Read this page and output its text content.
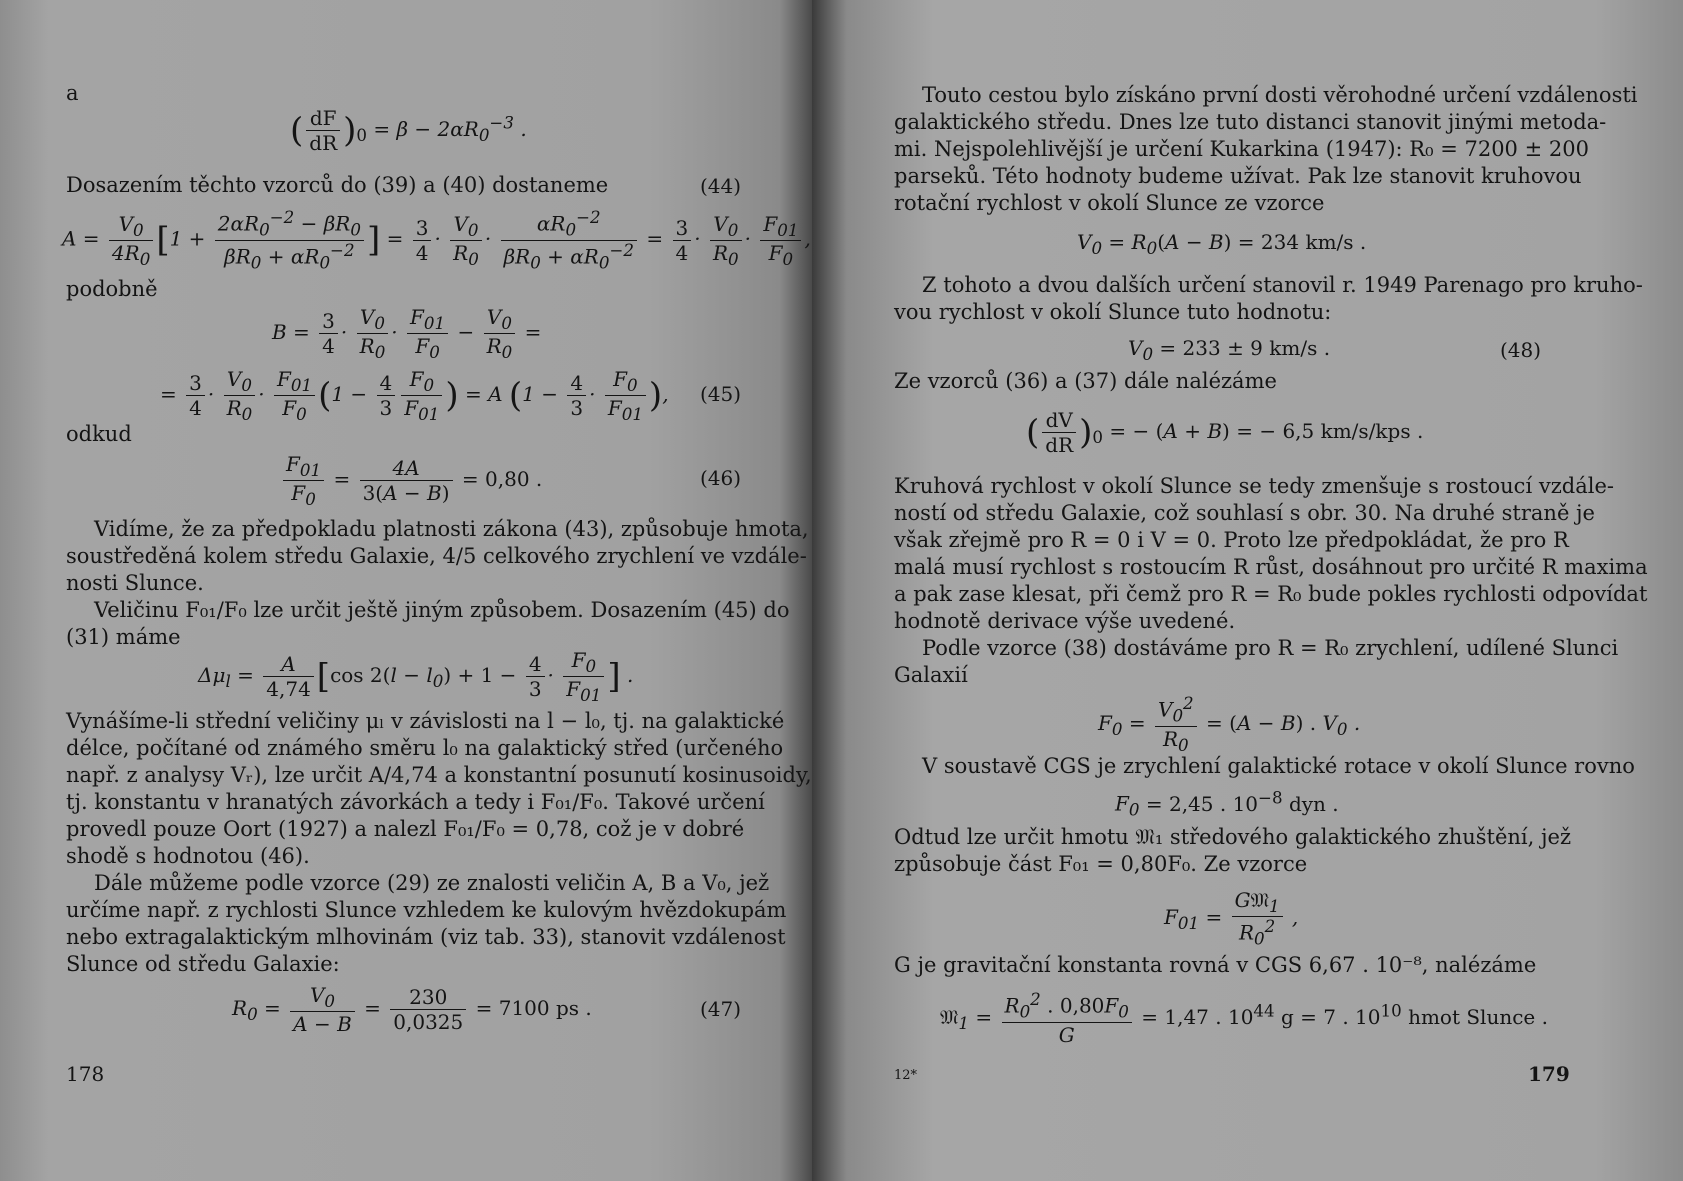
a
( $\frac{dF}{dR} )_0 = \beta - 2\alpha R_0^{-3}$ .
Dosazením těchto vzorců do (39) a (40) dostaneme	(44)
$A = \frac{V_0}{4R_0} [1 + \frac{2\alpha R_0^{-2} - \beta R_0}{\beta R_0 + \alpha R_0^{-2}}$ ] = $\frac{3}{4} \cdot \frac{V_0}{R_0} \cdot \frac{\alpha R_0^{-2}}{\beta R_0 + \alpha R_0^{-2}} = \frac{3}{4} \cdot \frac{V_0}{R_0} \cdot \frac{F_{01}}{F_0}$ ,
podobně
$B = \frac{3}{4} \cdot \frac{V_0}{R_0} \cdot \frac{F_{01}}{F_0} - \frac{V_0}{R_0}$ =
= $\frac{3}{4} \cdot \frac{V_0}{R_0} \cdot \frac{F_{01}}{F_0} (1 - \frac{4}{3} \frac{F_0}{F_{01}}$ ) = A ($1 - \frac{4}{3} \cdot \frac{F_0}{F_{01}}$ ), (45)
odkud
$\frac{F_{01}}{F_0} = \frac{4A}{3(A - B)} = 0,80$ .	(46)
Vidíme, že za předpokladu platnosti zákona (43), způsobuje hmota,
soustředěná kolem středu Galaxie, 4/5 celkového zrychlení ve vzdále-
nosti Slunce.
Veličinu F₀₁/F₀ lze určit ještě jiným způsobem. Dosazením (45) do
(31) máme
$\Delta\mu_l = \frac{A}{4,74} [\cos$ $2(l - l_0) + 1 - \frac{4}{3} \cdot \frac{F_0}{F_{01}}$ ] .
Vynášíme-li střední veličiny μₗ v závislosti na l − l₀, tj. na galaktické
délce, počítané od známého směru l₀ na galaktický střed (určeného
např. z analysy Vᵣ), lze určit A/4,74 a konstantní posunutí kosinusoidy,
tj. konstantu v hranatých závorkách a tedy i F₀₁/F₀. Takové určení
provedl pouze Oort (1927) a nalezl F₀₁/F₀ = 0,78, což je v dobré
shodě s hodnotou (46).
Dále můžeme podle vzorce (29) ze znalosti veličin A, B a V₀, jež
určíme např. z rychlosti Slunce vzhledem ke kulovým hvězdokupám
nebo extragalaktickým mlhovinám (viz tab. 33), stanovit vzdálenost
Slunce od středu Galaxie:
$R_0 = \frac{V_0}{A - B} = \frac{230}{0,0325} = 7100$ ps .	(47)
178
Touto cestou bylo získáno první dosti věrohodné určení vzdálenosti
galaktického středu. Dnes lze tuto distanci stanovit jinými metoda-
mi. Nejspolehlivější je určení Kukarkina (1947): R₀ = 7200 ± 200
parseků. Této hodnoty budeme užívat. Pak lze stanovit kruhovou
rotační rychlost v okolí Slunce ze vzorce
$V_0 = R_0(A - B) = 234$ km/s .
Z tohoto a dvou dalších určení stanovil r. 1949 Parenago pro kruho-
vou rychlost v okolí Slunce tuto hodnotu:
$V_0 = 233 \pm 9$ km/s .	(48)
Ze vzorců (36) a (37) dále nalézáme
( $\frac{dV}{dR} )_0$ = − (A + B) = − 6,5 km/s/kps .
Kruhová rychlost v okolí Slunce se tedy zmenšuje s rostoucí vzdále-
ností od středu Galaxie, což souhlasí s obr. 30. Na druhé straně je
však zřejmě pro R = 0 i V = 0. Proto lze předpokládat, že pro R
malá musí rychlost s rostoucím R růst, dosáhnout pro určité R maxima
a pak zase klesat, při čemž pro R = R₀ bude pokles rychlosti odpovídat
hodnotě derivace výše uvedené.
Podle vzorce (38) dostáváme pro R = R₀ zrychlení, udílené Slunci
Galaxií
$F_0 = \frac{V_0^2}{R_0} = (A - B)$ . $V_0$ .
V soustavě CGS je zrychlení galaktické rotace v okolí Slunce rovno
$F_0 = 2,45$ . $10^{-8}$ dyn .
Odtud lze určit hmotu 𝔐₁ středového galaktického zhuštění, jež
způsobuje část F₀₁ = 0,80F₀. Ze vzorce
$F_{01} = \frac{G𝔐_1}{R_0^2}$ ,
G je gravitační konstanta rovná v CGS 6,67 . 10⁻⁸, nalézáme
𝔐$_1$ = $\frac{R_0^2 . 0,80F_0}{G} = 1,47$ . $10^{44}$ g = 7 . $10^{10}$ hmot Slunce .
12*	179
